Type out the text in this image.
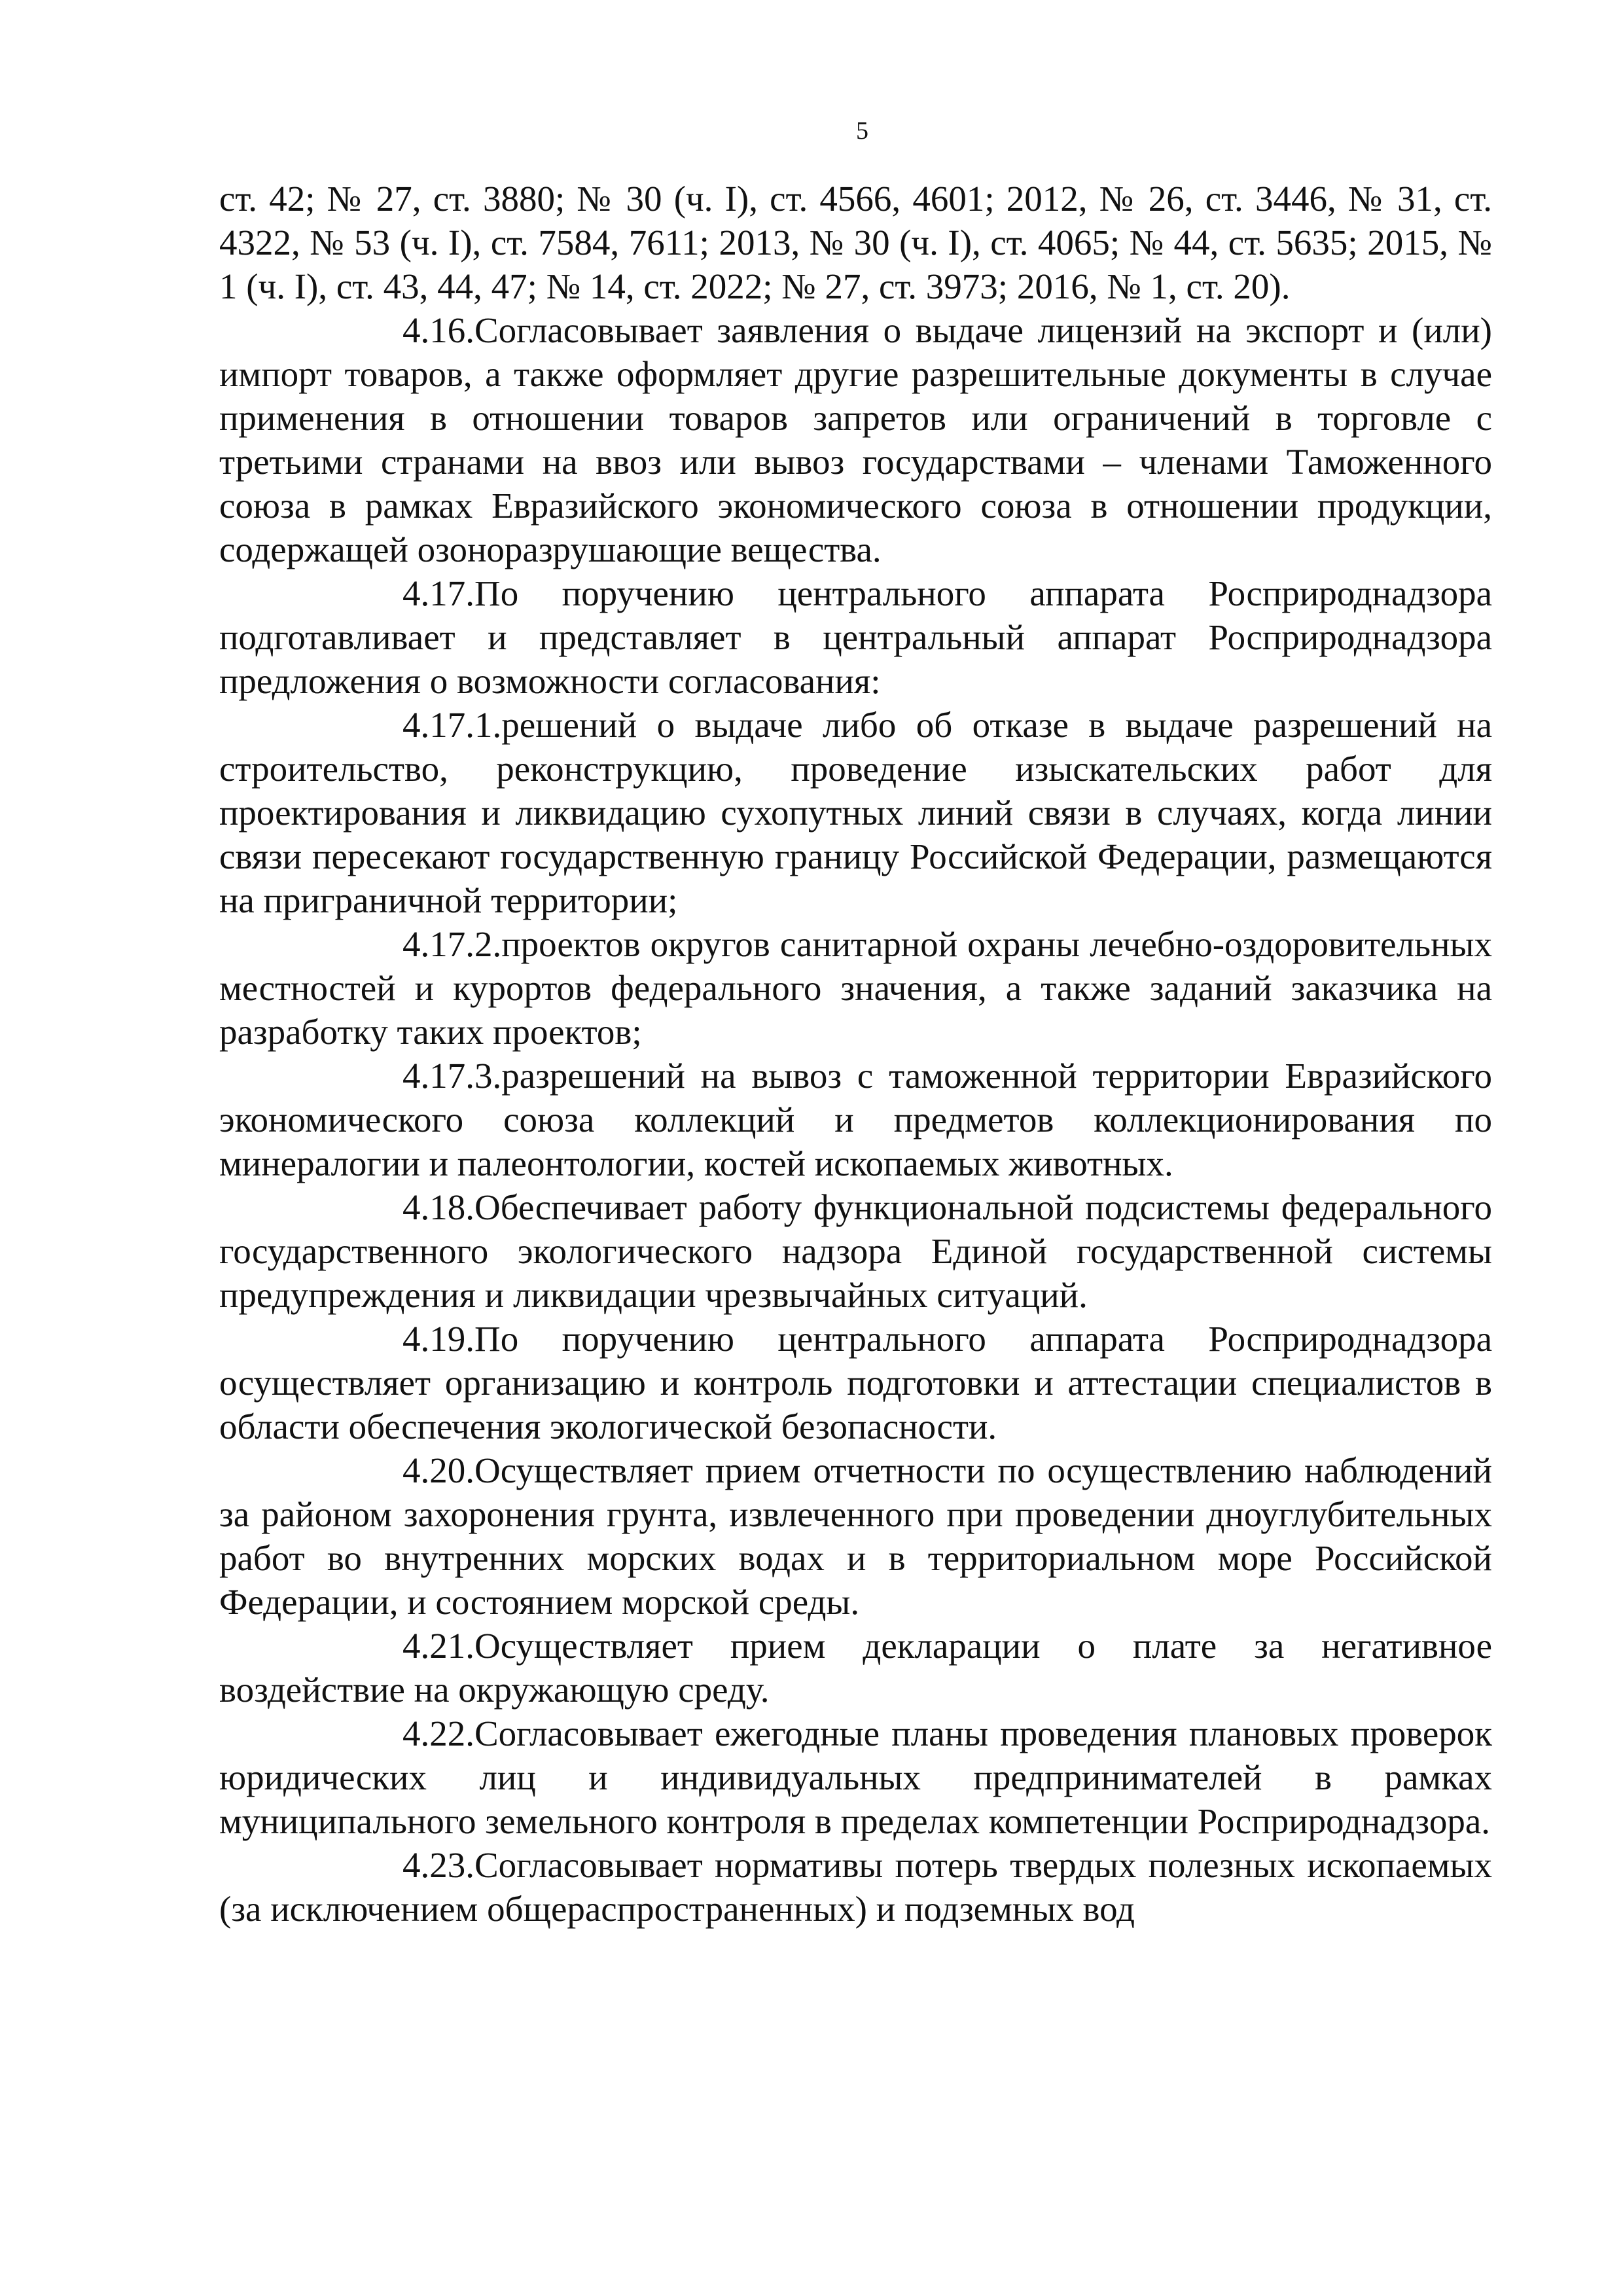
5

ст. 42; № 27, ст. 3880; № 30 (ч. I), ст. 4566, 4601; 2012, № 26, ст. 3446, № 31, ст. 4322, № 53 (ч. I), ст. 7584, 7611; 2013, № 30 (ч. I), ст. 4065; № 44, ст. 5635; 2015, № 1 (ч. I), ст. 43, 44, 47; № 14, ст. 2022; № 27, ст. 3973; 2016, № 1, ст. 20).

4.16.Согласовывает заявления о выдаче лицензий на экспорт и (или) импорт товаров, а также оформляет другие разрешительные документы в случае применения в отношении товаров запретов или ограничений в торговле с третьими странами на ввоз или вывоз государствами – членами Таможенного союза в рамках Евразийского экономического союза в отношении продукции, содержащей озоноразрушающие вещества.

4.17.По поручению центрального аппарата Росприроднадзора подготавливает и представляет в центральный аппарат Росприроднадзора предложения о возможности согласования:

4.17.1.решений о выдаче либо об отказе в выдаче разрешений на строительство, реконструкцию, проведение изыскательских работ для проектирования и ликвидацию сухопутных линий связи в случаях, когда линии связи пересекают государственную границу Российской Федерации, размещаются на приграничной территории;

4.17.2.проектов округов санитарной охраны лечебно-оздоровительных местностей и курортов федерального значения, а также заданий заказчика на разработку таких проектов;

4.17.3.разрешений на вывоз с таможенной территории Евразийского экономического союза коллекций и предметов коллекционирования по минералогии и палеонтологии, костей ископаемых животных.

4.18.Обеспечивает работу функциональной подсистемы федерального государственного экологического надзора Единой государственной системы предупреждения и ликвидации чрезвычайных ситуаций.

4.19.По поручению центрального аппарата Росприроднадзора осуществляет организацию и контроль подготовки и аттестации специалистов в области обеспечения экологической безопасности.

4.20.Осуществляет прием отчетности по осуществлению наблюдений за районом захоронения грунта, извлеченного при проведении дноуглубительных работ во внутренних морских водах и в территориальном море Российской Федерации, и состоянием морской среды.

4.21.Осуществляет прием декларации о плате за негативное воздействие на окружающую среду.

4.22.Согласовывает ежегодные планы проведения плановых проверок юридических лиц и индивидуальных предпринимателей в рамках муниципального земельного контроля в пределах компетенции Росприроднадзора.

4.23.Согласовывает нормативы потерь твердых полезных ископаемых (за исключением общераспространенных) и подземных вод
